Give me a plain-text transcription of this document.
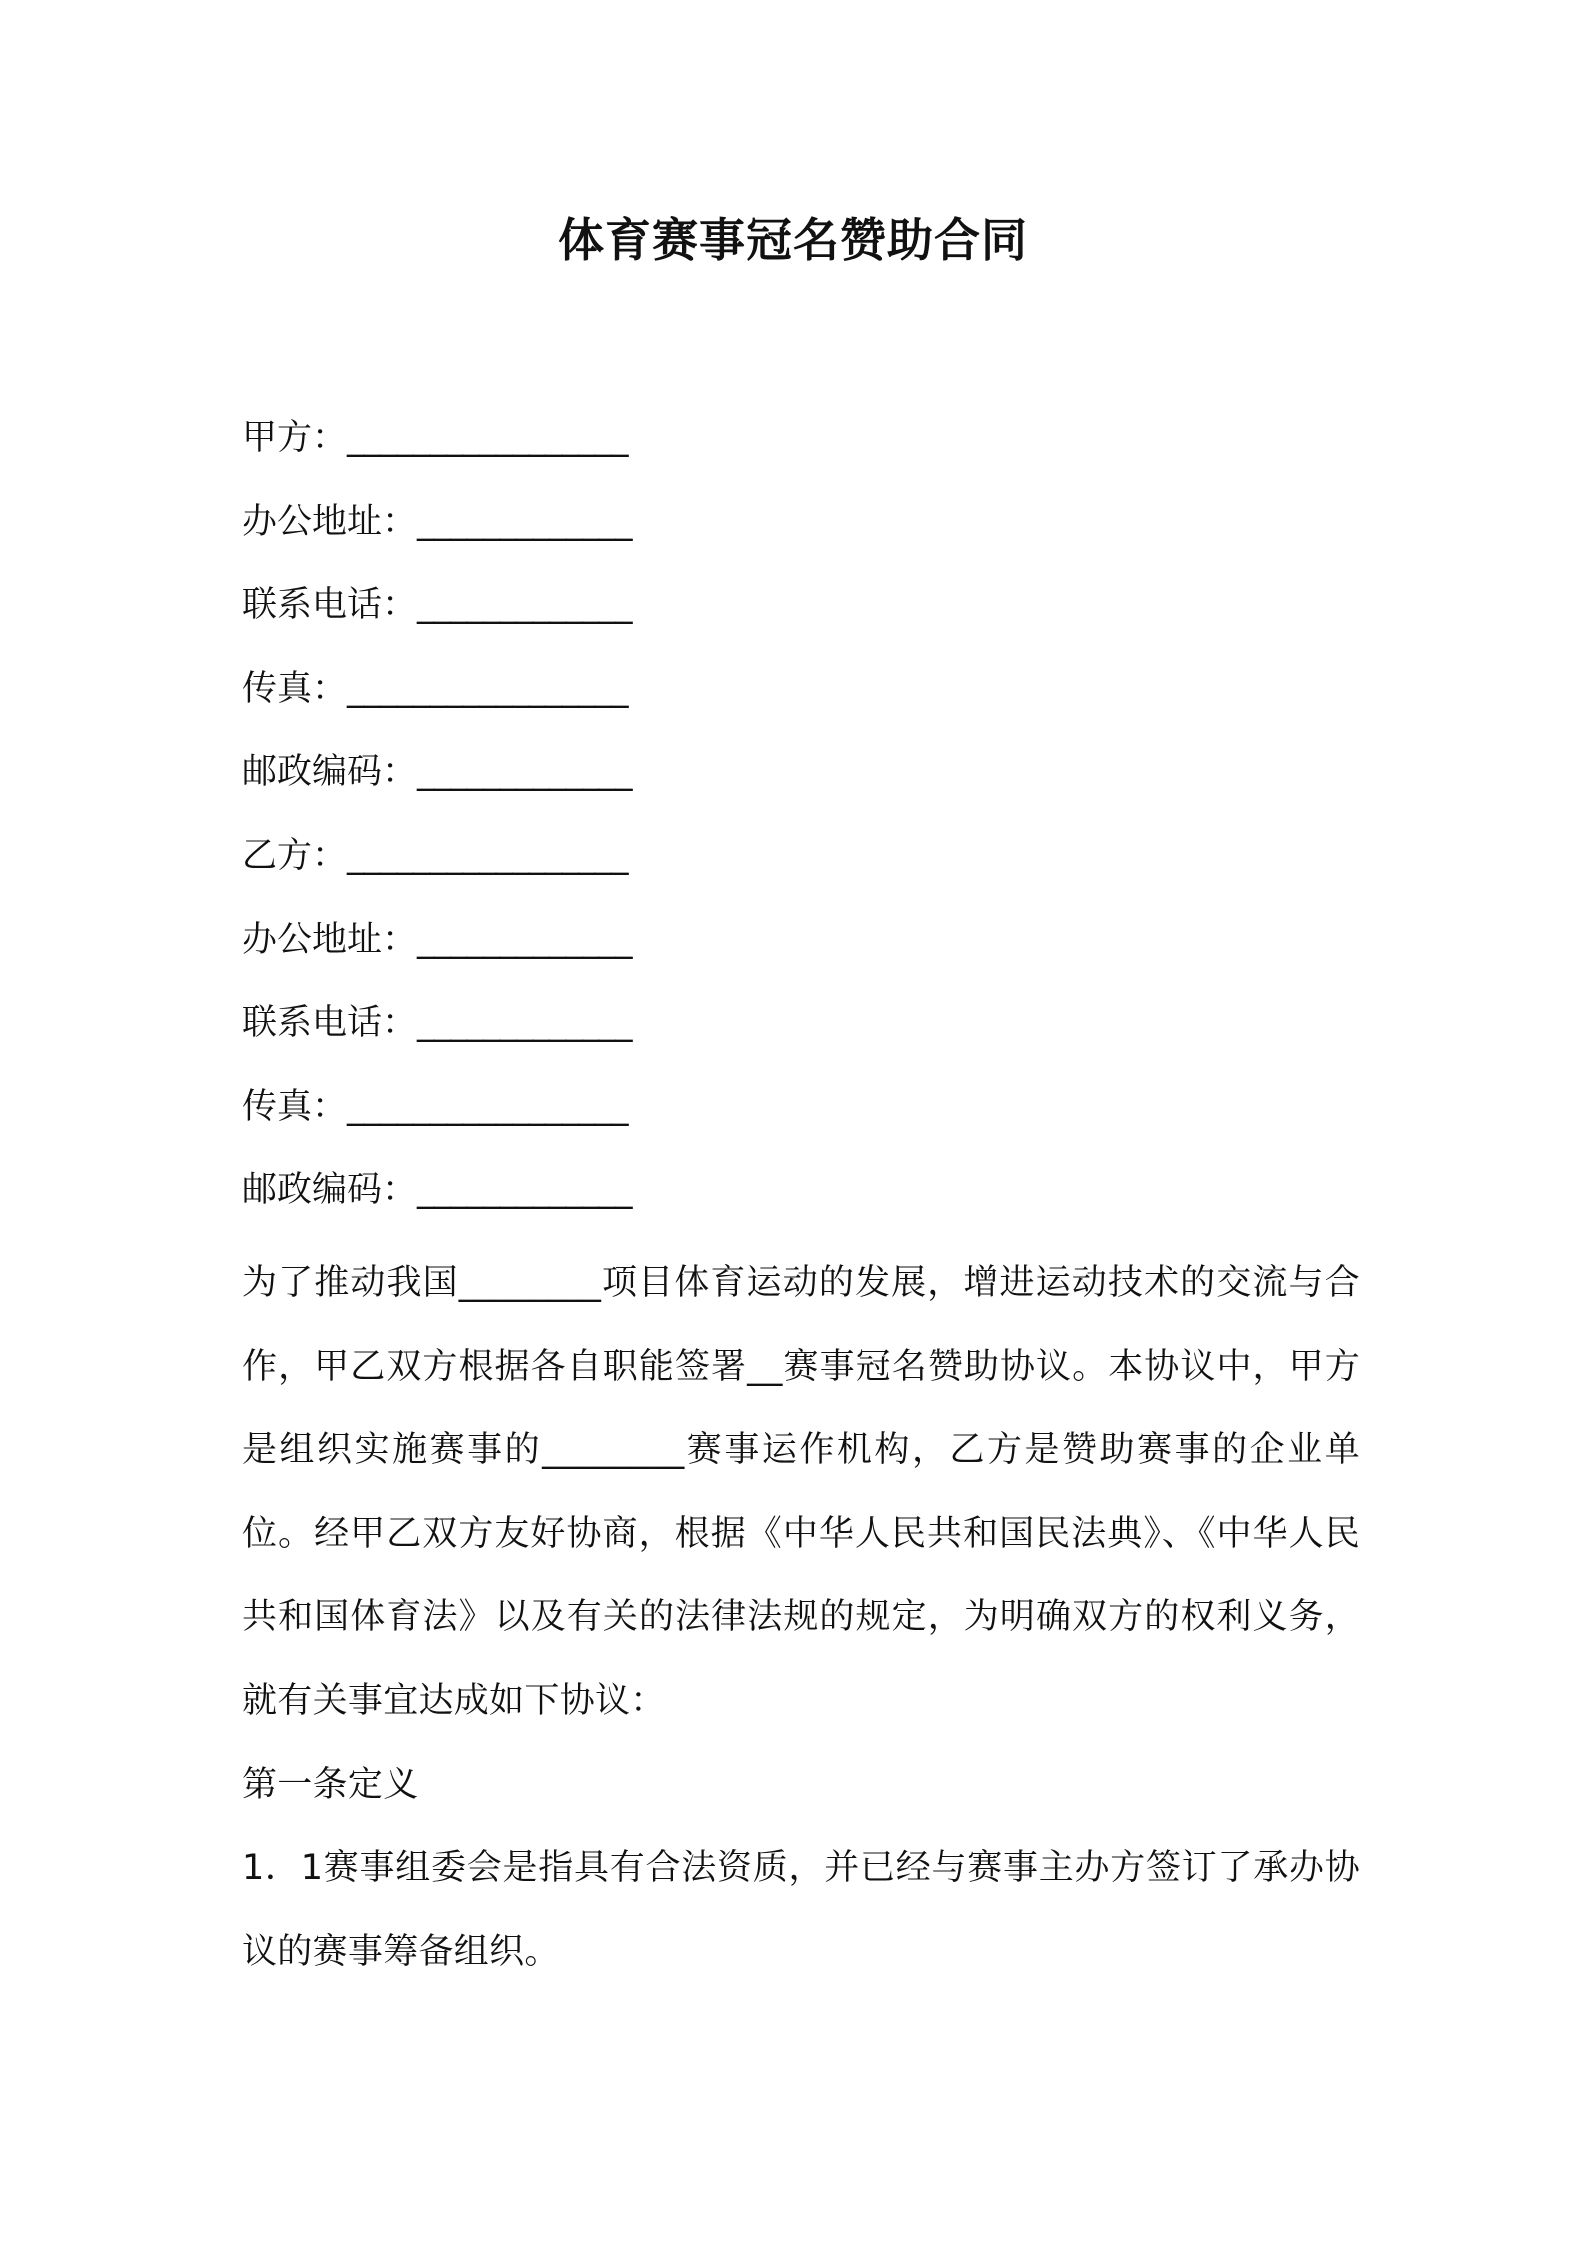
体育赛事冠名赞助合同
甲方：_________________
办公地址：_____________
联系电话：_____________
传真：_________________
邮政编码：_____________
乙方：_________________
办公地址：_____________
联系电话：_____________
传真：_________________
邮政编码：_____________

为了推动我国________项目体育运动的发展，增进运动技术的交流与合作，甲乙双方根据各自职能签署__赛事冠名赞助协议。本协议中，甲方是组织实施赛事的________赛事运作机构，乙方是赞助赛事的企业单位。经甲乙双方友好协商，根据《中华人民共和国民法典》、《中华人民共和国体育法》以及有关的法律法规的规定，为明确双方的权利义务，就有关事宜达成如下协议：

第一条定义

1．1赛事组委会是指具有合法资质，并已经与赛事主办方签订了承办协议的赛事筹备组织。
